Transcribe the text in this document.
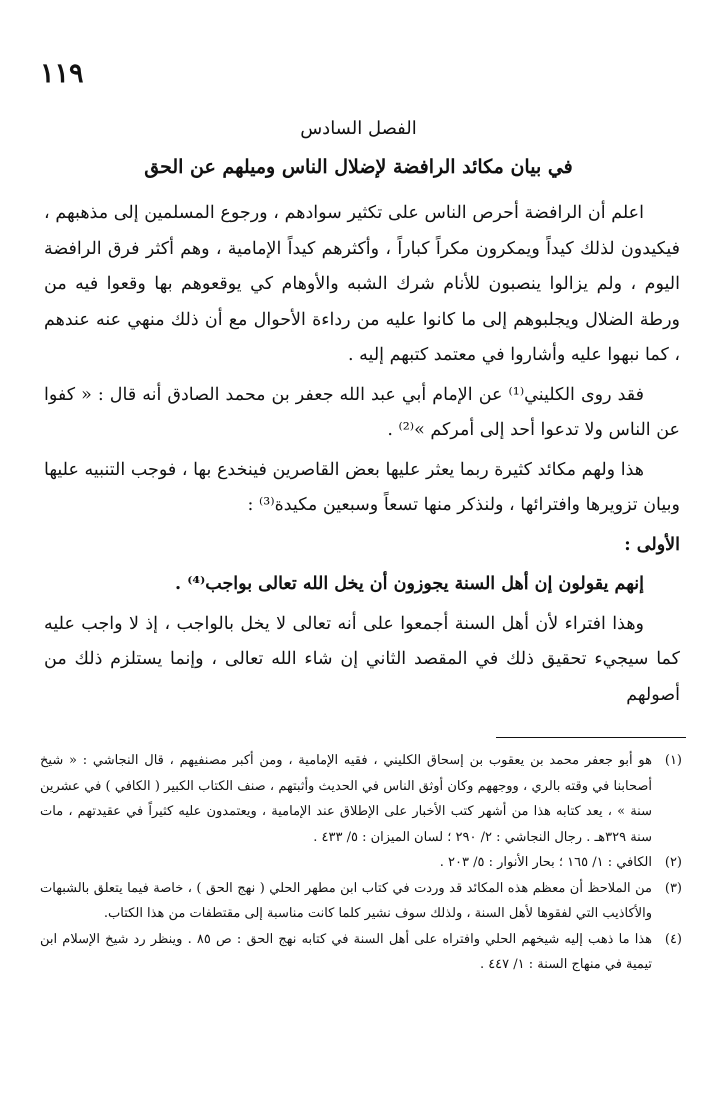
١١٩
الفصل السادس
في بيان مكائد الرافضة لإضلال الناس وميلهم عن الحق

اعلم أن الرافضة أحرص الناس على تكثير سوادهم ، ورجوع المسلمين إلى مذهبهم ، فيكيدون لذلك كيداً ويمكرون مكراً كباراً ، وأكثرهم كيداً الإمامية ، وهم أكثر فرق الرافضة اليوم ، ولم يزالوا ينصبون للأنام شرك الشبه والأوهام كي يوقعوهم بها وقعوا فيه من ورطة الضلال ويجلبوهم إلى ما كانوا عليه من رداءة الأحوال مع أن ذلك منهي عنه عندهم ، كما نبهوا عليه وأشاروا في معتمد كتبهم إليه .

فقد روى الكليني⁽¹⁾ عن الإمام أبي عبد الله جعفر بن محمد الصادق أنه قال : « كفوا عن الناس ولا تدعوا أحد إلى أمركم »⁽²⁾ .

هذا ولهم مكائد كثيرة ربما يعثر عليها بعض القاصرين فينخدع بها ، فوجب التنبيه عليها وبيان تزويرها وافترائها ، ولنذكر منها تسعاً وسبعين مكيدة⁽³⁾ :

الأولى :

إنهم يقولون إن أهل السنة يجوزون أن يخل الله تعالى بواجب⁽⁴⁾ .

وهذا افتراء لأن أهل السنة أجمعوا على أنه تعالى لا يخل بالواجب ، إذ لا واجب عليه كما سيجيء تحقيق ذلك في المقصد الثاني إن شاء الله تعالى ، وإنما يستلزم ذلك من أصولهم

(١)
هو أبو جعفر محمد بن يعقوب بن إسحاق الكليني ، فقيه الإمامية ، ومن أكبر مصنفيهم ، قال النجاشي : « شيخ أصحابنا في وقته بالري ، ووجههم وكان أوثق الناس في الحديث وأثبتهم ، صنف الكتاب الكبير ( الكافي ) في عشرين سنة » ، يعد كتابه هذا من أشهر كتب الأخبار على الإطلاق عند الإمامية ، ويعتمدون عليه كثيراً في عقيدتهم ، مات سنة ٣٢٩هـ . رجال النجاشي : ٢/ ٢٩٠ ؛ لسان الميزان : ٥/ ٤٣٣ .
(٢)
الكافي : ١/ ١٦٥ ؛ بحار الأنوار : ٥/ ٢٠٣ .
(٣)
من الملاحظ أن معظم هذه المكائد قد وردت في كتاب ابن مطهر الحلي ( نهج الحق ) ، خاصة فيما يتعلق بالشبهات والأكاذيب التي لفقوها لأهل السنة ، ولذلك سوف نشير كلما كانت مناسبة إلى مقتطفات من هذا الكتاب.
(٤)
هذا ما ذهب إليه شيخهم الحلي وافتراه على أهل السنة في كتابه نهج الحق : ص ٨٥ . وينظر رد شيخ الإسلام ابن تيمية في منهاج السنة : ١/ ٤٤٧ .
